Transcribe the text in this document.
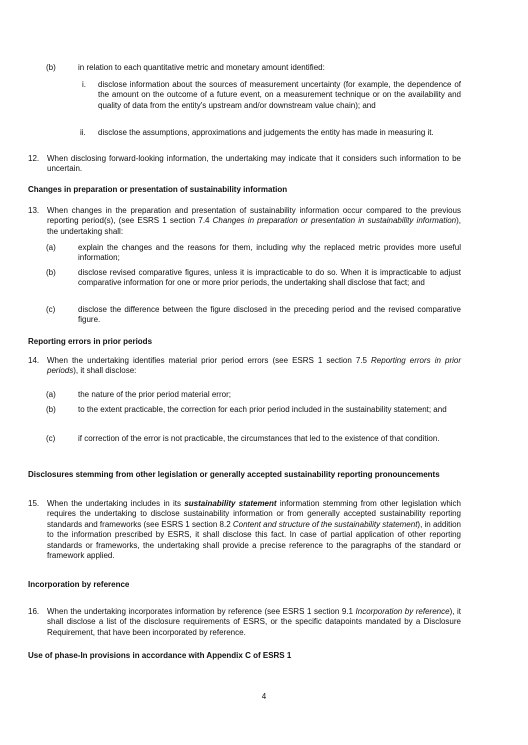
(b)	in relation to each quantitative metric and monetary amount identified:
i. disclose information about the sources of measurement uncertainty (for example, the dependence of the amount on the outcome of a future event, on a measurement technique or on the availability and quality of data from the entity's upstream and/or downstream value chain); and
ii. disclose the assumptions, approximations and judgements the entity has made in measuring it.
12. When disclosing forward-looking information, the undertaking may indicate that it considers such information to be uncertain.
Changes in preparation or presentation of sustainability information
13. When changes in the preparation and presentation of sustainability information occur compared to the previous reporting period(s), (see ESRS 1 section 7.4 Changes in preparation or presentation in sustainability information), the undertaking shall:
(a)	explain the changes and the reasons for them, including why the replaced metric provides more useful information;
(b)	disclose revised comparative figures, unless it is impracticable to do so. When it is impracticable to adjust comparative information for one or more prior periods, the undertaking shall disclose that fact; and
(c)	disclose the difference between the figure disclosed in the preceding period and the revised comparative figure.
Reporting errors in prior periods
14. When the undertaking identifies material prior period errors (see ESRS 1 section 7.5 Reporting errors in prior periods), it shall disclose:
(a)	the nature of the prior period material error;
(b)	to the extent practicable, the correction for each prior period included in the sustainability statement; and
(c)	if correction of the error is not practicable, the circumstances that led to the existence of that condition.
Disclosures stemming from other legislation or generally accepted sustainability reporting pronouncements
15. When the undertaking includes in its sustainability statement information stemming from other legislation which requires the undertaking to disclose sustainability information or from generally accepted sustainability reporting standards and frameworks (see ESRS 1 section 8.2 Content and structure of the sustainability statement), in addition to the information prescribed by ESRS, it shall disclose this fact. In case of partial application of other reporting standards or frameworks, the undertaking shall provide a precise reference to the paragraphs of the standard or framework applied.
Incorporation by reference
16. When the undertaking incorporates information by reference (see ESRS 1 section 9.1 Incorporation by reference), it shall disclose a list of the disclosure requirements of ESRS, or the specific datapoints mandated by a Disclosure Requirement, that have been incorporated by reference.
Use of phase-In provisions in accordance with Appendix C of ESRS 1
4
